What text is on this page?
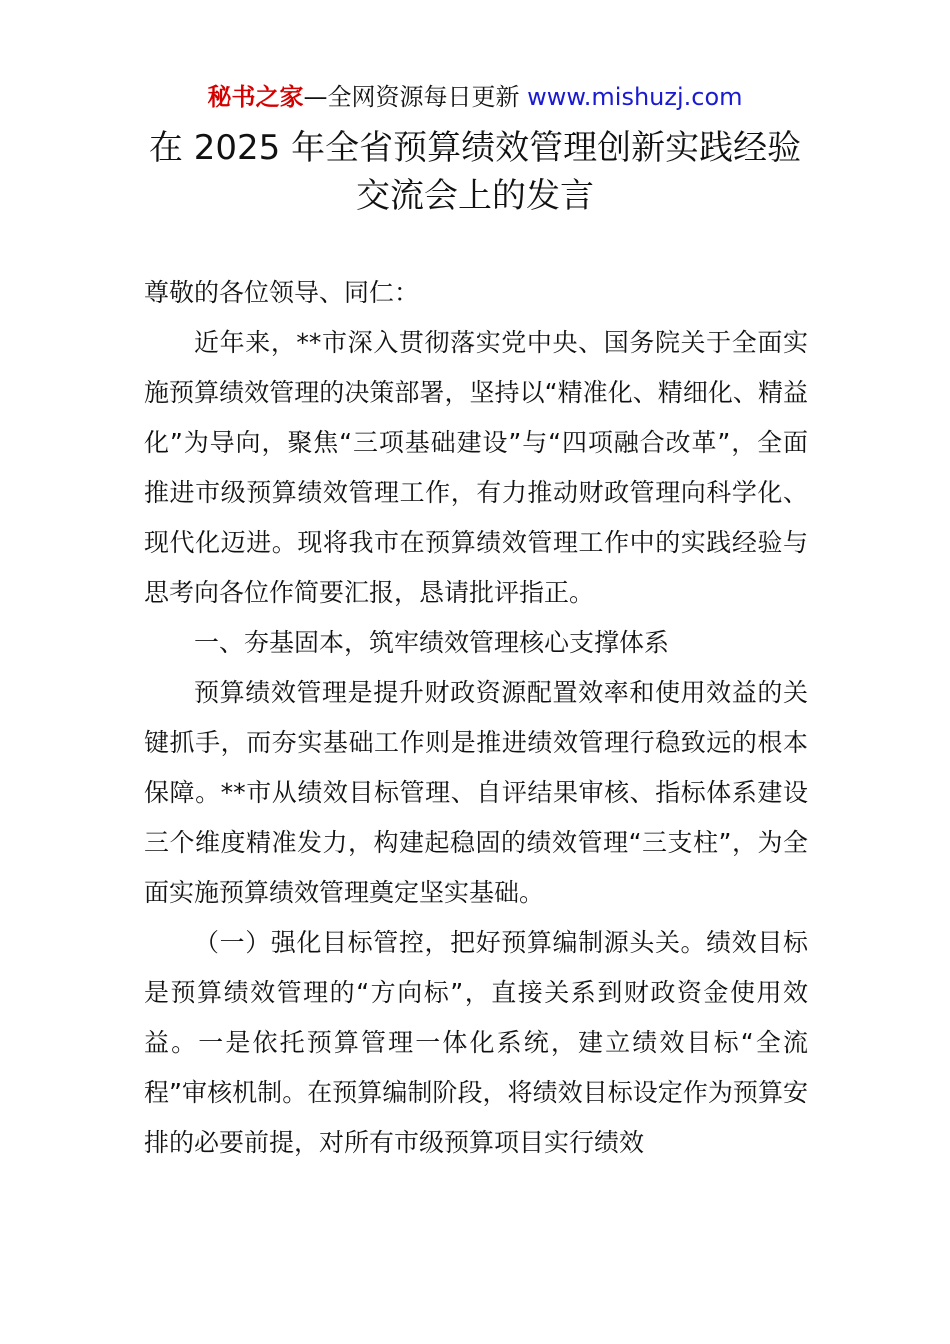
秘书之家—全网资源每日更新 www.mishuzj.com
在 2025 年全省预算绩效管理创新实践经验
交流会上的发言

尊敬的各位领导、同仁：

近年来，**市深入贯彻落实党中央、国务院关于全面实施预算绩效管理的决策部署，坚持以“精准化、精细化、精益化”为导向，聚焦“三项基础建设”与“四项融合改革”，全面推进市级预算绩效管理工作，有力推动财政管理向科学化、现代化迈进。现将我市在预算绩效管理工作中的实践经验与思考向各位作简要汇报，恳请批评指正。

一、夯基固本，筑牢绩效管理核心支撑体系

预算绩效管理是提升财政资源配置效率和使用效益的关键抓手，而夯实基础工作则是推进绩效管理行稳致远的根本保障。**市从绩效目标管理、自评结果审核、指标体系建设三个维度精准发力，构建起稳固的绩效管理“三支柱”，为全面实施预算绩效管理奠定坚实基础。

（一）强化目标管控，把好预算编制源头关。绩效目标是预算绩效管理的“方向标”，直接关系到财政资金使用效益。一是依托预算管理一体化系统，建立绩效目标“全流程”审核机制。在预算编制阶段，将绩效目标设定作为预算安排的必要前提，对所有市级预算项目实行绩效
